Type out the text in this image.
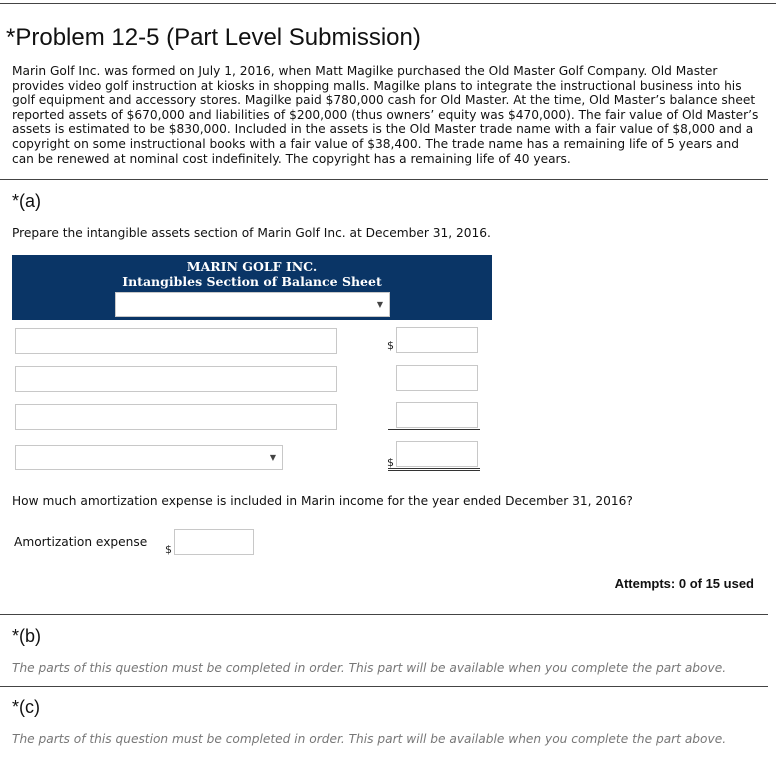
*Problem 12-5 (Part Level Submission)
Marin Golf Inc. was formed on July 1, 2016, when Matt Magilke purchased the Old Master Golf Company. Old Master provides video golf instruction at kiosks in shopping malls. Magilke plans to integrate the instructional business into his golf equipment and accessory stores. Magilke paid $780,000 cash for Old Master. At the time, Old Master’s balance sheet reported assets of $670,000 and liabilities of $200,000 (thus owners’ equity was $470,000). The fair value of Old Master’s assets is estimated to be $830,000. Included in the assets is the Old Master trade name with a fair value of $8,000 and a copyright on some instructional books with a fair value of $38,400. The trade name has a remaining life of 5 years and can be renewed at nominal cost indefinitely. The copyright has a remaining life of 40 years.
*(a)
Prepare the intangible assets section of Marin Golf Inc. at December 31, 2016.
MARIN GOLF INC.
Intangibles Section of Balance Sheet
▼
$
▼	$
How much amortization expense is included in Marin income for the year ended December 31, 2016?
Amortization expense
$
Attempts: 0 of 15 used
*(b)
The parts of this question must be completed in order. This part will be available when you complete the part above.
*(c)
The parts of this question must be completed in order. This part will be available when you complete the part above.
